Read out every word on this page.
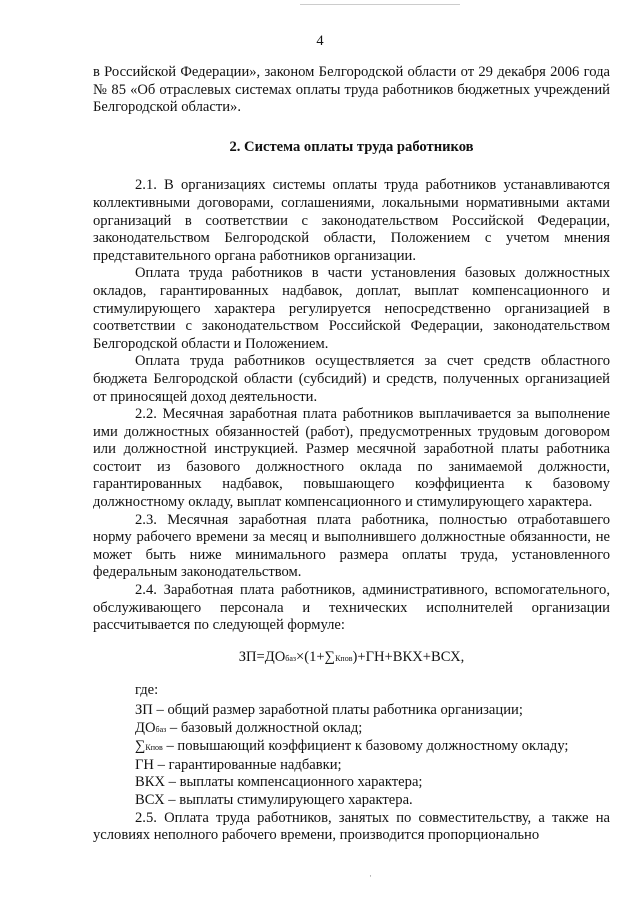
4

в Российской Федерации», законом Белгородской области от 29 декабря 2006 года № 85 «Об отраслевых системах оплаты труда работников бюджетных учреждений Белгородской области».

2. Система оплаты труда работников

2.1. В организациях системы оплаты труда работников устанавливаются коллективными договорами, соглашениями, локальными нормативными актами организаций в соответствии с законодательством Российской Федерации, законодательством Белгородской области, Положением с учетом мнения представительного органа работников организации.

Оплата труда работников в части установления базовых должностных окладов, гарантированных надбавок, доплат, выплат компенсационного и стимулирующего характера регулируется непосредственно организацией в соответствии с законодательством Российской Федерации, законодательством Белгородской области и Положением.

Оплата труда работников осуществляется за счет средств областного бюджета Белгородской области (субсидий) и средств, полученных организацией от приносящей доход деятельности.

2.2. Месячная заработная плата работников выплачивается за выполнение ими должностных обязанностей (работ), предусмотренных трудовым договором или должностной инструкцией. Размер месячной заработной платы работника состоит из базового должностного оклада по занимаемой должности, гарантированных надбавок, повышающего коэффициента к базовому должностному окладу, выплат компенсационного и стимулирующего характера.

2.3. Месячная заработная плата работника, полностью отработавшего норму рабочего времени за месяц и выполнившего должностные обязанности, не может быть ниже минимального размера оплаты труда, установленного федеральным законодательством.

2.4. Заработная плата работников, административного, вспомогательного, обслуживающего персонала и технических исполнителей организации рассчитывается по следующей формуле:

ЗП=ДОбаз×(1+∑Кпов)+ГН+ВКХ+ВСХ,

где:

ЗП – общий размер заработной платы работника организации;

ДОбаз – базовый должностной оклад;

∑Кпов – повышающий коэффициент к базовому должностному окладу;

ГН – гарантированные надбавки;

ВКХ – выплаты компенсационного характера;

ВСХ – выплаты стимулирующего характера.

2.5. Оплата труда работников, занятых по совместительству, а также на условиях неполного рабочего времени, производится пропорционально

·
